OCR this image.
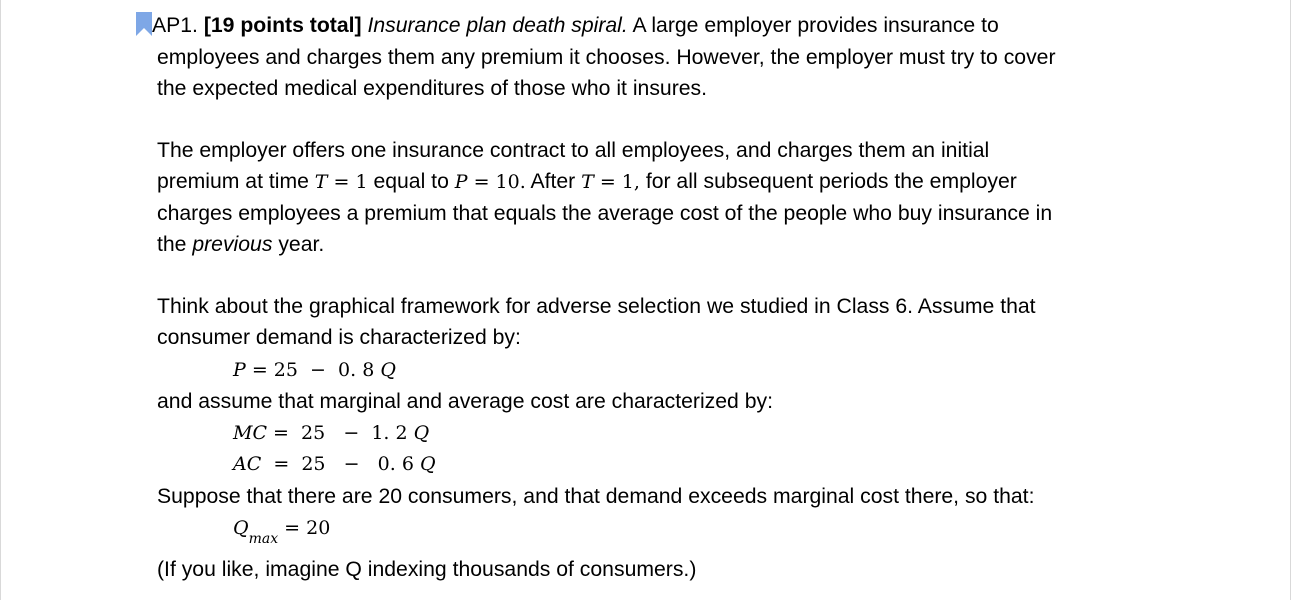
AP1. [19 points total] Insurance plan death spiral. A large employer provides insurance to
employees and charges them any premium it chooses. However, the employer must try to cover
the expected medical expenditures of those who it insures.
The employer offers one insurance contract to all employees, and charges them an initial
premium at time T = 1 equal to P = 10. After T = 1, for all subsequent periods the employer
charges employees a premium that equals the average cost of the people who buy insurance in
the previous year.
Think about the graphical framework for adverse selection we studied in Class 6. Assume that
consumer demand is characterized by:
P = 25  −  0. 8 Q
and assume that marginal and average cost are characterized by:
MC =  25   −  1. 2 Q
AC  =  25   −   0. 6 Q
Suppose that there are 20 consumers, and that demand exceeds marginal cost there, so that:
$Q_{max} = 20$
(If you like, imagine Q indexing thousands of consumers.)
